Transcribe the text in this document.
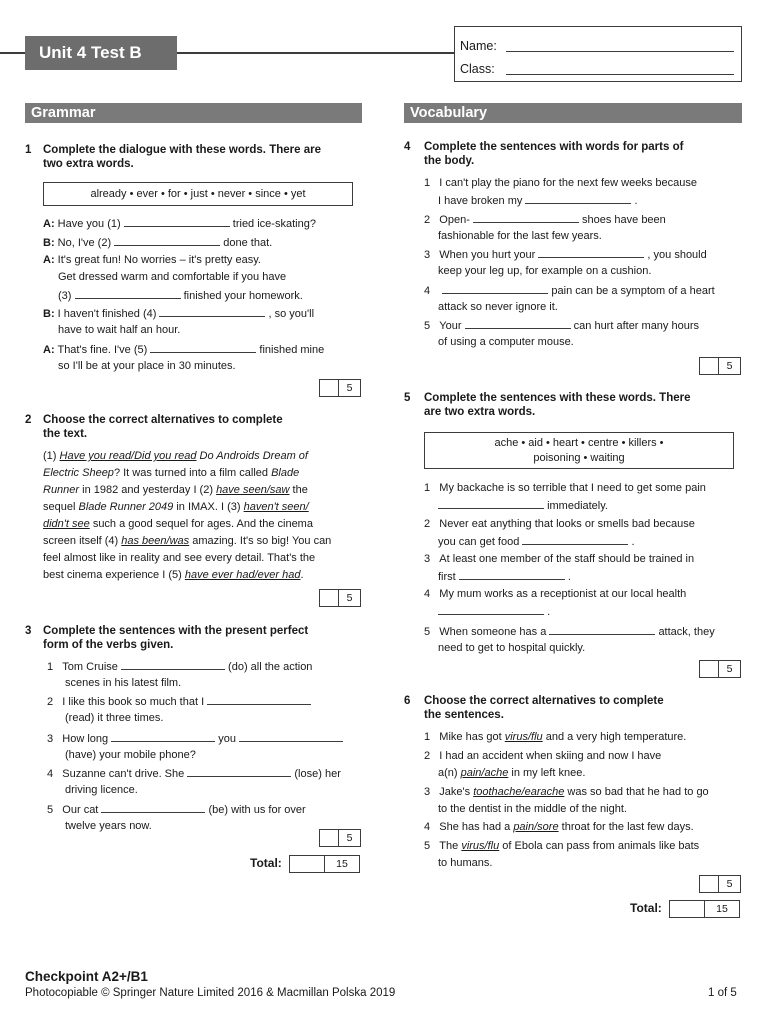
Unit 4 Test B	Name:
Class:
Grammar	Vocabulary
1 Complete the dialogue with these words. There are
two extra words.
already • ever • for • just • never • since • yet
A: Have you (1)	tried ice-skating?
B: No, I've (2)	done that.
A: It's great fun! No worries – it's pretty easy.
Get dressed warm and comfortable if you have
(3)	finished your homework.
B: I haven't finished (4)	, so you'll
have to wait half an hour.
A: That's fine. I've (5)	finished mine
so I'll be at your place in 30 minutes.
5
2 Choose the correct alternatives to complete
the text.
(1) Have you read/Did you read Do Androids Dream of
Electric Sheep? It was turned into a film called Blade
Runner in 1982 and yesterday I (2) have seen/saw the
sequel Blade Runner 2049 in IMAX. I (3) haven't seen/
didn't see such a good sequel for ages. And the cinema
screen itself (4) has been/was amazing. It's so big! You can
feel almost like in reality and see every detail. That's the
best cinema experience I (5) have ever had/ever had.
5
3 Complete the sentences with the present perfect
form of the verbs given.
1 Tom Cruise	(do) all the action
scenes in his latest film.
2 I like this book so much that I
(read) it three times.
3 How long	you
(have) your mobile phone?
4 Suzanne can't drive. She	(lose) her
driving licence.
5 Our cat	(be) with us for over
twelve years now.
5
Total:	15
4 Complete the sentences with words for parts of
the body.
1 I can't play the piano for the next few weeks because
I have broken my	.
2 Open-	shoes have been
fashionable for the last few years.
3 When you hurt your	, you should
keep your leg up, for example on a cushion.
4	pain can be a symptom of a heart
attack so never ignore it.
5 Your	can hurt after many hours
of using a computer mouse.
5
5 Complete the sentences with these words. There
are two extra words.
ache • aid • heart • centre • killers •
poisoning • waiting
1 My backache is so terrible that I need to get some pain
immediately.
2 Never eat anything that looks or smells bad because
you can get food	.
3 At least one member of the staff should be trained in
first	.
4 My mum works as a receptionist at our local health
.
5 When someone has a	attack, they
need to get to hospital quickly.
5
6 Choose the correct alternatives to complete
the sentences.
1 Mike has got virus/flu and a very high temperature.
2 I had an accident when skiing and now I have
a(n) pain/ache in my left knee.
3 Jake's toothache/earache was so bad that he had to go
to the dentist in the middle of the night.
4 She has had a pain/sore throat for the last few days.
5 The virus/flu of Ebola can pass from animals like bats
to humans.
5
Total:	15
Checkpoint A2+/B1
Photocopiable © Springer Nature Limited 2016 & Macmillan Polska 2019	1 of 5
